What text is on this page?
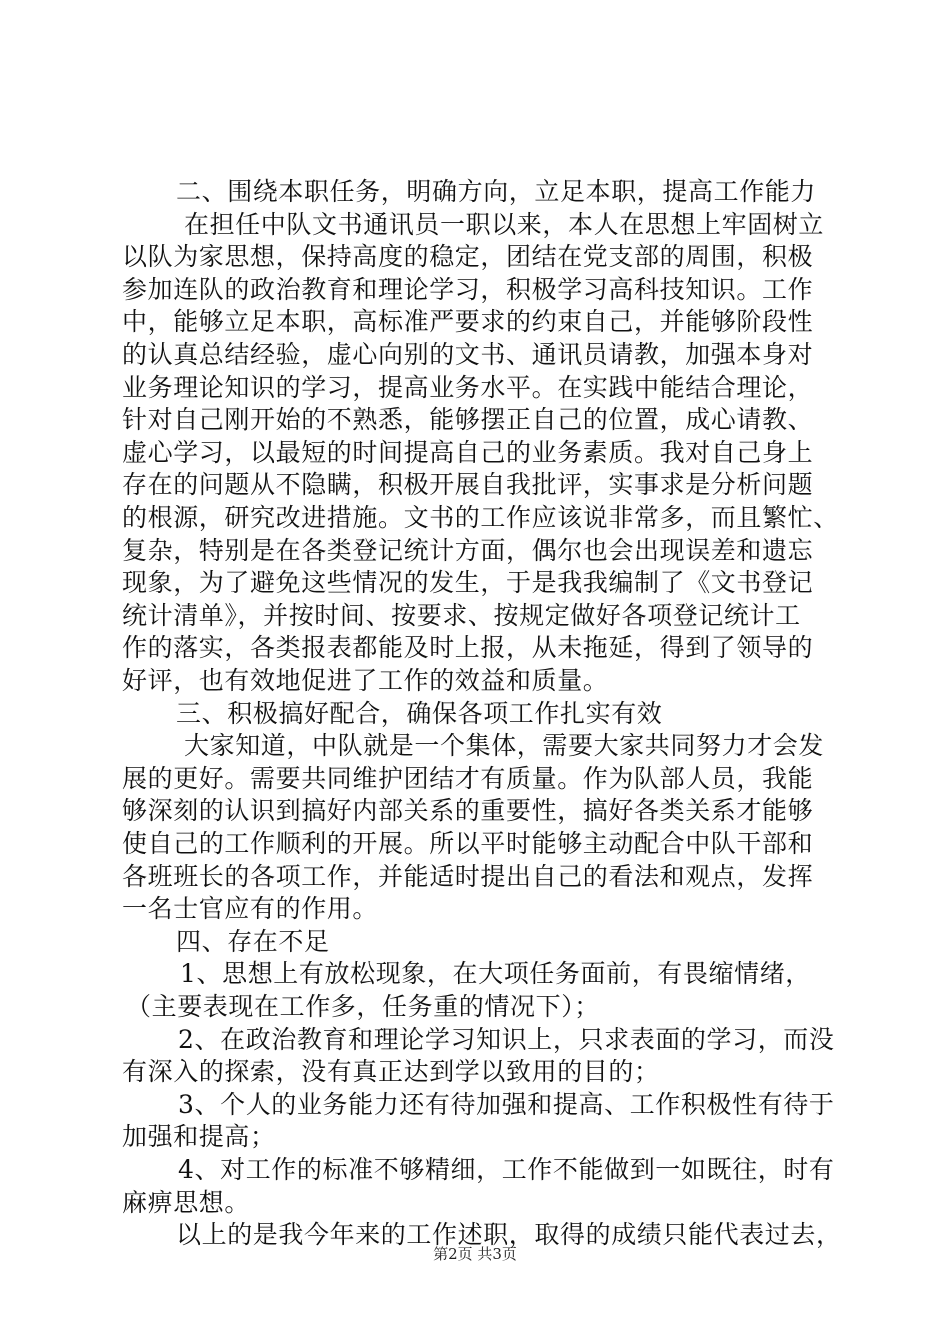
二、围绕本职任务，明确方向，立足本职，提高工作能力
在担任中队文书通讯员一职以来，本人在思想上牢固树立
以队为家思想，保持高度的稳定，团结在党支部的周围，积极
参加连队的政治教育和理论学习，积极学习高科技知识。工作
中，能够立足本职，高标准严要求的约束自己，并能够阶段性
的认真总结经验，虚心向别的文书、通讯员请教，加强本身对
业务理论知识的学习，提高业务水平。在实践中能结合理论，
针对自己刚开始的不熟悉，能够摆正自己的位置，成心请教、
虚心学习，以最短的时间提高自己的业务素质。我对自己身上
存在的问题从不隐瞒，积极开展自我批评，实事求是分析问题
的根源，研究改进措施。文书的工作应该说非常多，而且繁忙、
复杂，特别是在各类登记统计方面，偶尔也会出现误差和遗忘
现象，为了避免这些情况的发生，于是我我编制了《文书登记
统计清单》，并按时间、按要求、按规定做好各项登记统计工
作的落实，各类报表都能及时上报，从未拖延，得到了领导的
好评，也有效地促进了工作的效益和质量。
三、积极搞好配合，确保各项工作扎实有效
大家知道，中队就是一个集体，需要大家共同努力才会发
展的更好。需要共同维护团结才有质量。作为队部人员，我能
够深刻的认识到搞好内部关系的重要性，搞好各类关系才能够
使自己的工作顺利的开展。所以平时能够主动配合中队干部和
各班班长的各项工作，并能适时提出自己的看法和观点，发挥
一名士官应有的作用。
四、存在不足
1、思想上有放松现象，在大项任务面前，有畏缩情绪，
（主要表现在工作多，任务重的情况下）；
2、在政治教育和理论学习知识上，只求表面的学习，而没
有深入的探索，没有真正达到学以致用的目的；
3、个人的业务能力还有待加强和提高、工作积极性有待于
加强和提高；
4、对工作的标准不够精细，工作不能做到一如既往，时有
麻痹思想。
以上的是我今年来的工作述职，取得的成绩只能代表过去，
第2页 共3页
